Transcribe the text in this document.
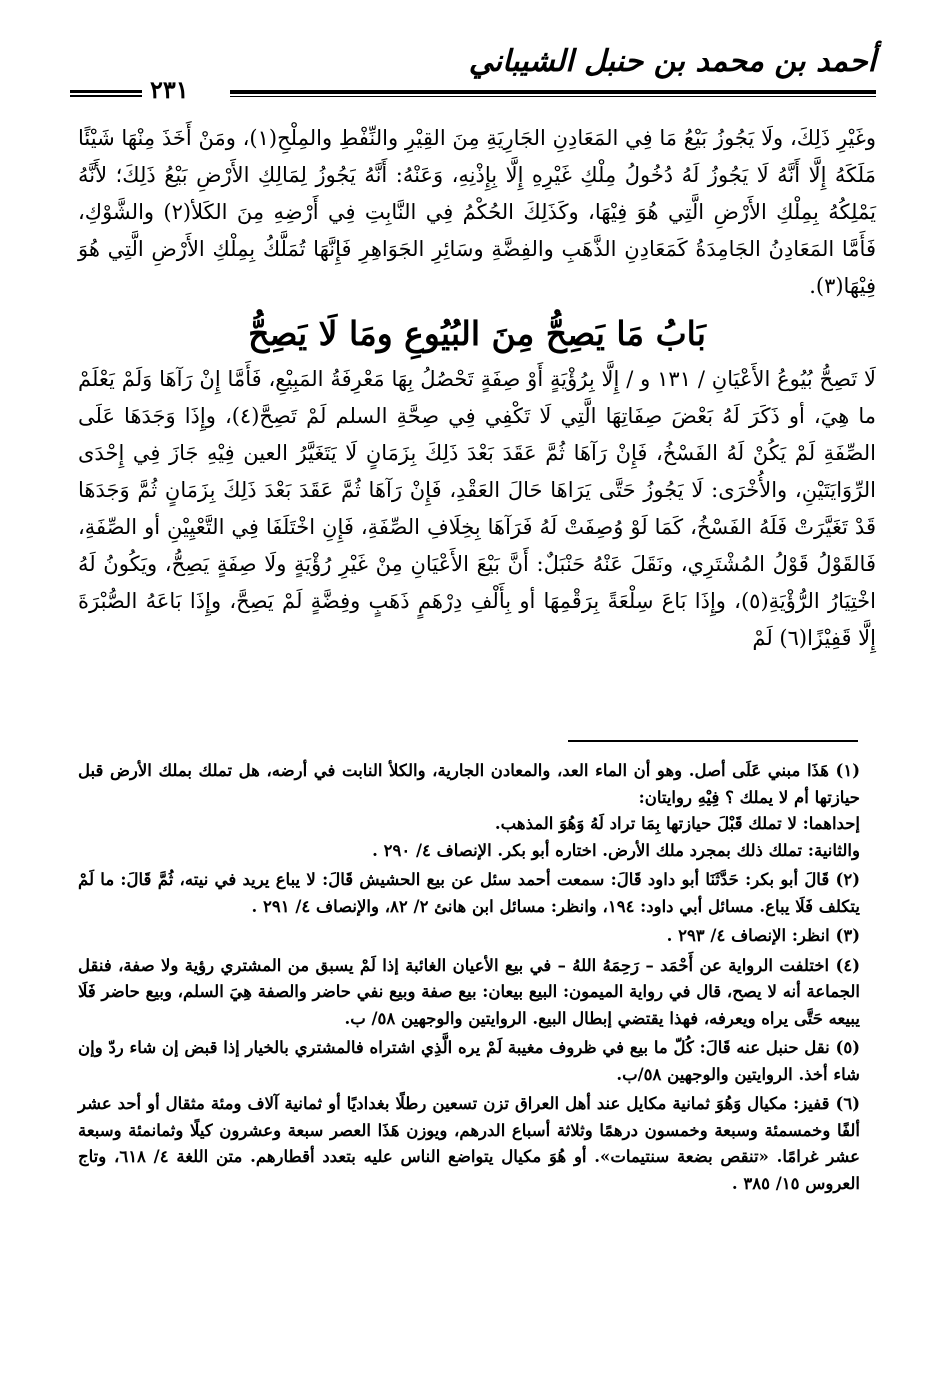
أحمد بن محمد بن حنبل الشيباني
٢٣١

وغَيْرِ ذَلِكَ، ولَا يَجُوزُ بَيْعُ مَا فِي المَعَادِنِ الجَارِيَةِ مِنَ القِيْرِ والنِّفْطِ والمِلْحِ(١)، ومَنْ أَخَذَ مِنْهَا شَيْئًا مَلَكَهُ إِلَّا أَنَّهُ لَا يَجُوزُ لَهُ دُخُولُ مِلْكِ غَيْرِهِ إِلَّا بِإِذْنِهِ، وَعَنْهُ: أَنَّهُ يَجُوزُ لِمَالِكِ الأَرْضِ بَيْعُ ذَلِكَ؛ لأَنَّهُ يَمْلِكُهُ بِمِلْكِ الأَرْضِ الَّتِي هُوَ فِيْهَا، وكَذَلِكَ الحُكْمُ فِي النَّابِتِ فِي أَرْضِهِ مِنَ الكَلأ(٢) والشَّوْكِ، فَأَمَّا المَعَادِنُ الجَامِدَةُ كَمَعَادِنِ الذَّهَبِ والفِضَّةِ وسَائِرِ الجَوَاهِرِ فَإِنَّهَا تُمَلَّكُ بِمِلْكِ الأَرْضِ الَّتِي هُوَ فِيْهَا(٣).

بَابُ مَا يَصِحُّ مِنَ البُيُوعِ ومَا لَا يَصِحُّ

لَا تَصِحُّ بُيُوعُ الأَعْيَانِ / ١٣١ و / إِلَّا بِرُؤْيَةٍ أَوْ صِفَةٍ تَحْصُلُ بِهَا مَعْرِفَةُ المَبِيْعِ، فَأَمَّا إِنْ رَآهَا وَلَمْ يَعْلَمْ ما هِيَ، أو ذَكَرَ لَهُ بَعْضَ صِفَاتِهَا الَّتِي لَا تَكْفِي فِي صِحَّةِ السلم لَمْ تَصِحَّ(٤)، وإِذَا وَجَدَهَا عَلَى الصِّفَةِ لَمْ يَكُنْ لَهُ الفَسْخُ، فَإِنْ رَآهَا ثُمَّ عَقَدَ بَعْدَ ذَلِكَ بِزَمَانٍ لَا يَتَغَيَّرُ العين فِيْهِ جَازَ فِي إِحْدَى الرِّوَايَتَيْنِ، والأُخْرَى: لَا يَجُوزُ حَتَّى يَرَاهَا حَالَ العَقْدِ، فَإِنْ رَآهَا ثُمَّ عَقَدَ بَعْدَ ذَلِكَ بِزَمَانٍ ثُمَّ وَجَدَهَا قَدْ تَغَيَّرَتْ فَلَهُ الفَسْخُ، كَمَا لَوْ وُصِفَتْ لَهُ فَرَآهَا بِخِلَافِ الصِّفَةِ، فَإِنِ اخْتَلَفَا فِي التَّعْيِيْنِ أو الصِّفَةِ، فَالقَوْلُ قَوْلُ المُشْتَرِي، ونَقَلَ عَنْهُ حَنْبَلٌ: أَنَّ بَيْعَ الأَعْيَانِ مِنْ غَيْرِ رُؤْيَةٍ ولَا صِفَةٍ يَصِحُّ، ويَكُونُ لَهُ اخْتِيَارُ الرُّؤْيَةِ(٥)، وإِذَا بَاعَ سِلْعَةً بِرَقْمِهَا أو بِأَلْفِ دِرْهَمٍ ذَهَبٍ وفِضَّةٍ لَمْ يَصِحَّ، وإِذَا بَاعَهُ الصُّبْرَةَ إِلَّا قَفِيْزًا(٦) لَمْ

(١) هَذَا مبني عَلَى أصل. وهو أن الماء العد، والمعادن الجارية، والكلأ النابت في أرضه، هل تملك بملك الأرض قبل حيازتها أم لا يملك ؟ فِيْهِ روايتان:

إحداهما: لا تملك قَبْلَ حيازتها بِمَا تراد لَهُ وَهُوَ المذهب.

والثانية: تملك ذلك بمجرد ملك الأرض. اختاره أبو بكر. الإنصاف ٤/ ٢٩٠ .

(٢) قَالَ أبو بكر: حَدَّثَنَا أبو داود قَالَ: سمعت أحمد سئل عن بيع الحشيش قَالَ: لا يباع يريد في نيته، ثُمَّ قَالَ: ما لَمْ يتكلف فَلَا يباع. مسائل أبي داود: ١٩٤، وانظر: مسائل ابن هانئ ٢/ ٨٢، والإنصاف ٤/ ٢٩١ .

(٣) انظر: الإنصاف ٤/ ٢٩٣ .

(٤) اختلفت الرواية عن أَحْمَد – رَحِمَهُ اللهُ – في بيع الأعيان الغائبة إذا لَمْ يسبق من المشتري رؤية ولا صفة، فنقل الجماعة أنه لا يصح، قال في رواية الميمون: البيع بيعان: بيع صفة وبيع نفي حاضر والصفة هِيَ السلم، وبيع حاضر فَلَا يبيعه حَتَّى يراه ويعرفه، فهذا يقتضي إبطال البيع. الروايتين والوجهين ٥٨/ ب.

(٥) نقل حنبل عنه قَالَ: كُلّ ما بيع في ظروف مغيبة لَمْ يره الَّذِي اشتراه فالمشتري بالخيار إذا قبض إن شاء ردّ وإن شاء أخذ. الروايتين والوجهين ٥٨/ب.

(٦) قفيز: مكيال وَهُوَ ثمانية مكايل عند أهل العراق تزن تسعين رطلًا بغداديًا أو ثمانية آلاف ومئة مثقال أو أحد عشر ألفًا وخمسمئة وسبعة وخمسون درهمًا وثلاثة أسباع الدرهم، ويوزن هَذَا العصر سبعة وعشرون كيلًا وثمانمئة وسبعة عشر غرامًا. «تنقص بضعة سنتيمات». أو هُوَ مكيال يتواضع الناس عليه بتعدد أقطارهم. متن اللغة ٤/ ٦١٨، وتاج العروس ١٥/ ٣٨٥ .
